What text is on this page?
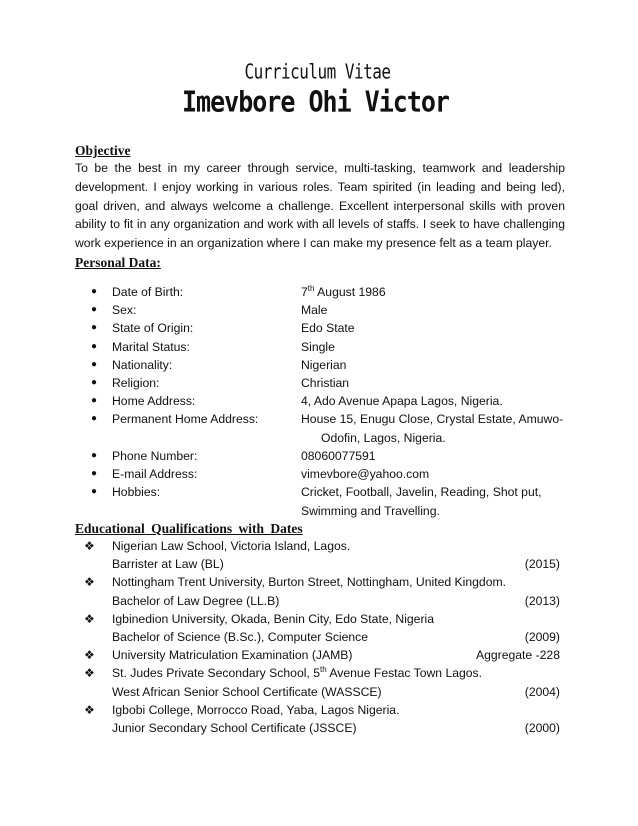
Curriculum Vitae
Imevbore Ohi Victor
Objective

To be the best in my career through service, multi-tasking, teamwork and leadership development. I enjoy working in various roles. Team spirited (in leading and being led), goal driven, and always welcome a challenge. Excellent interpersonal skills with proven ability to fit in any organization and work with all levels of staffs. I seek to have challenging work experience in an organization where I can make my presence felt as a team player.

Personal Data:
● Date of Birth:	7th August 1986
● Sex:	Male
● State of Origin:	Edo State
● Marital Status:	Single
● Nationality:	Nigerian
● Religion:	Christian
● Home Address:	4, Ado Avenue Apapa Lagos, Nigeria.
● Permanent Home Address:	House 15, Enugu Close, Crystal Estate, Amuwo-
Odofin, Lagos, Nigeria.
● Phone Number:	08060077591
● E-mail Address:	vimevbore@yahoo.com
● Hobbies:	Cricket, Football, Javelin, Reading, Shot put,
Swimming and Travelling.
Educational Qualifications with Dates
❖ Nigerian Law School, Victoria Island, Lagos.
Barrister at Law (BL)	(2015)
❖ Nottingham Trent University, Burton Street, Nottingham, United Kingdom.
Bachelor of Law Degree (LL.B)	(2013)
❖ Igbinedion University, Okada, Benin City, Edo State, Nigeria
Bachelor of Science (B.Sc.), Computer Science	(2009)
❖ University Matriculation Examination (JAMB)	Aggregate -228
❖ St. Judes Private Secondary School, 5th Avenue Festac Town Lagos.
West African Senior School Certificate (WASSCE)	(2004)
❖ Igbobi College, Morrocco Road, Yaba, Lagos Nigeria.
Junior Secondary School Certificate (JSSCE)	(2000)
